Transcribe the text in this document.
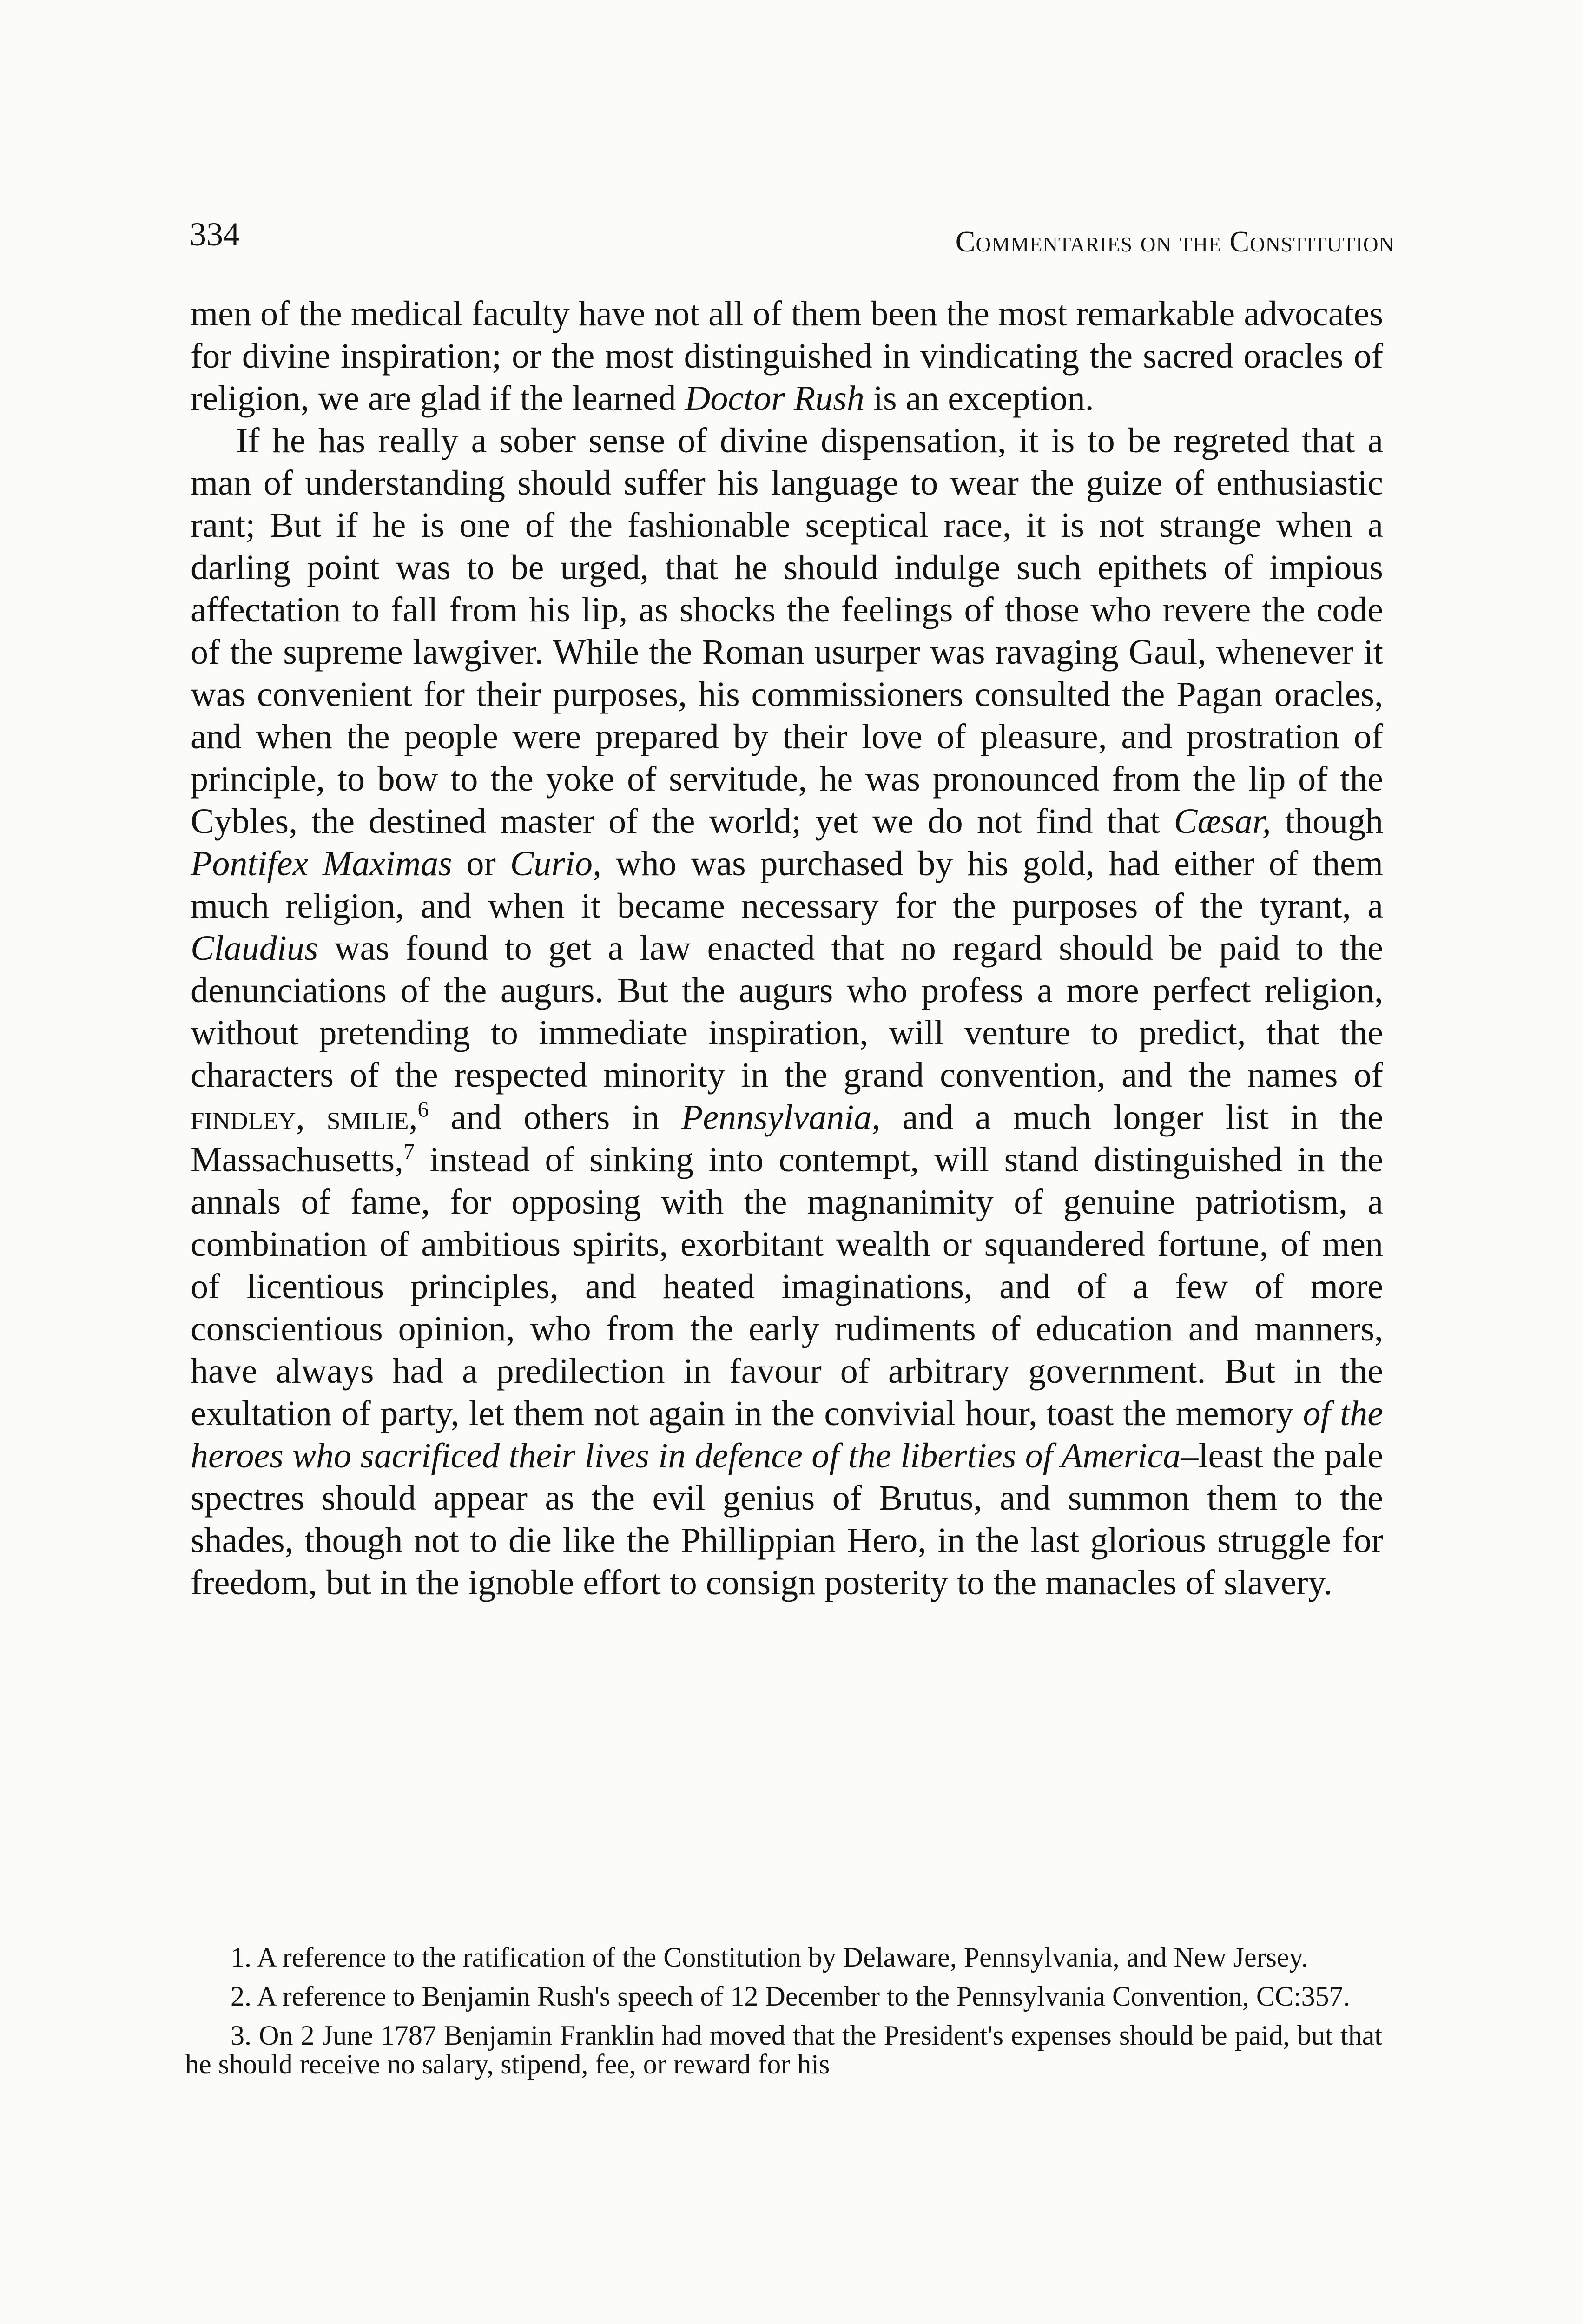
334	Commentaries on the Constitution

men of the medical faculty have not all of them been the most remarkable advocates for divine inspiration; or the most distinguished in vindicating the sacred oracles of religion, we are glad if the learned Doctor Rush is an exception.

If he has really a sober sense of divine dispensation, it is to be regreted that a man of understanding should suffer his language to wear the guize of enthusiastic rant; But if he is one of the fashionable sceptical race, it is not strange when a darling point was to be urged, that he should indulge such epithets of impious affectation to fall from his lip, as shocks the feelings of those who revere the code of the supreme lawgiver. While the Roman usurper was ravaging Gaul, whenever it was convenient for their purposes, his commissioners consulted the Pagan oracles, and when the people were prepared by their love of pleasure, and prostration of principle, to bow to the yoke of servitude, he was pronounced from the lip of the Cybles, the destined master of the world; yet we do not find that Cæsar, though Pontifex Maximas or Curio, who was purchased by his gold, had either of them much religion, and when it became necessary for the purposes of the tyrant, a Claudius was found to get a law enacted that no regard should be paid to the denunciations of the augurs. But the augurs who profess a more perfect religion, without pretending to immediate inspiration, will venture to predict, that the characters of the respected minority in the grand convention, and the names of findley, smilie,$^6$ and others in Pennsylvania, and a much longer list in the Massachusetts,$^7$ instead of sinking into contempt, will stand distinguished in the annals of fame, for opposing with the magnanimity of genuine patriotism, a combination of ambitious spirits, exorbitant wealth or squandered fortune, of men of licentious principles, and heated imaginations, and of a few of more conscientious opinion, who from the early rudiments of education and manners, have always had a predilection in favour of arbitrary government. But in the exultation of party, let them not again in the convivial hour, toast the memory of the heroes who sacrificed their lives in defence of the liberties of America–least the pale spectres should appear as the evil genius of Brutus, and summon them to the shades, though not to die like the Phillippian Hero, in the last glorious struggle for freedom, but in the ignoble effort to consign posterity to the manacles of slavery.

1. A reference to the ratification of the Constitution by Delaware, Pennsylvania, and New Jersey.

2. A reference to Benjamin Rush's speech of 12 December to the Pennsylvania Convention, CC:357.

3. On 2 June 1787 Benjamin Franklin had moved that the President's expenses should be paid, but that he should receive no salary, stipend, fee, or reward for his
